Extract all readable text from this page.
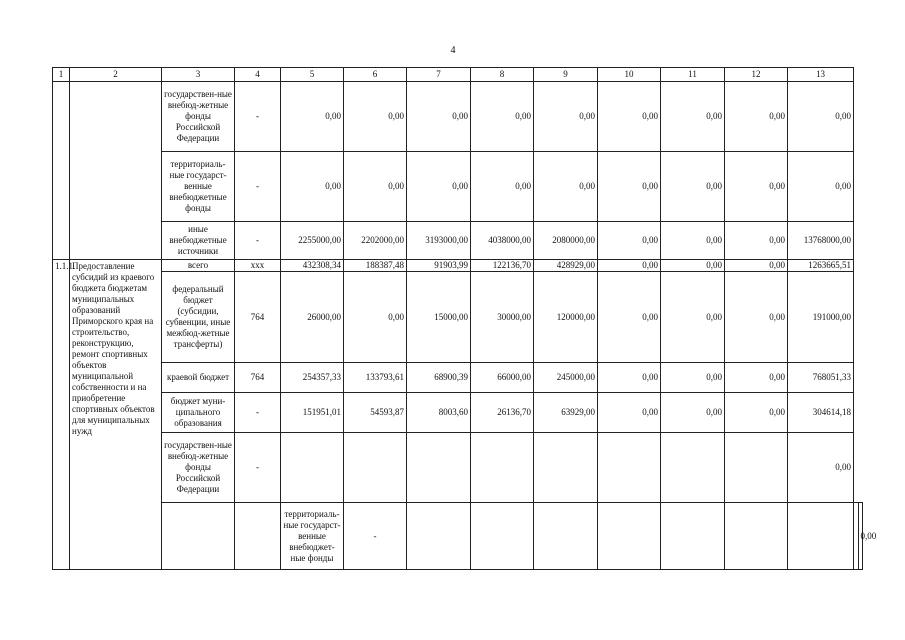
4
1	2	3	4	5	6	7	8	9	10	11	12	13		
		государствен-ные внебюд-жетные фонды Российской Федерации	-	0,00	0,00	0,00	0,00	0,00	0,00	0,00	0,00	0,00		
		территориаль-ные государст-венные внебюджетные фонды	-	0,00	0,00	0,00	0,00	0,00	0,00	0,00	0,00	0,00		
		иные внебюджетные источники	-	2255000,00	2202000,00	3193000,00	4038000,00	2080000,00	0,00	0,00	0,00	13768000,00		
1.1.1.	Предоставление субсидий из краевого бюджета бюджетам муниципальных образований Приморского края на строительство, реконструкцию, ремонт спортивных объектов муниципальной собственности и на приобретение спортивных объектов для муниципальных нужд	всего	xxx	432308,34	188387,48	91903,99	122136,70	428929,00	0,00	0,00	0,00	1263665,51		
		федеральный бюджет (субсидии, субвенции, иные межбюд-жетные трансферты)	764	26000,00	0,00	15000,00	30000,00	120000,00	0,00	0,00	0,00	191000,00		
		краевой бюджет	764	254357,33	133793,61	68900,39	66000,00	245000,00	0,00	0,00	0,00	768051,33		
		бюджет муни-ципального образования	-	151951,01	54593,87	8003,60	26136,70	63929,00	0,00	0,00	0,00	304614,18		
		государствен-ные внебюд-жетные фонды Российской Федерации	-									0,00		
				территориаль-ные государст-венные внебюджет-ные фонды	-									0,00
